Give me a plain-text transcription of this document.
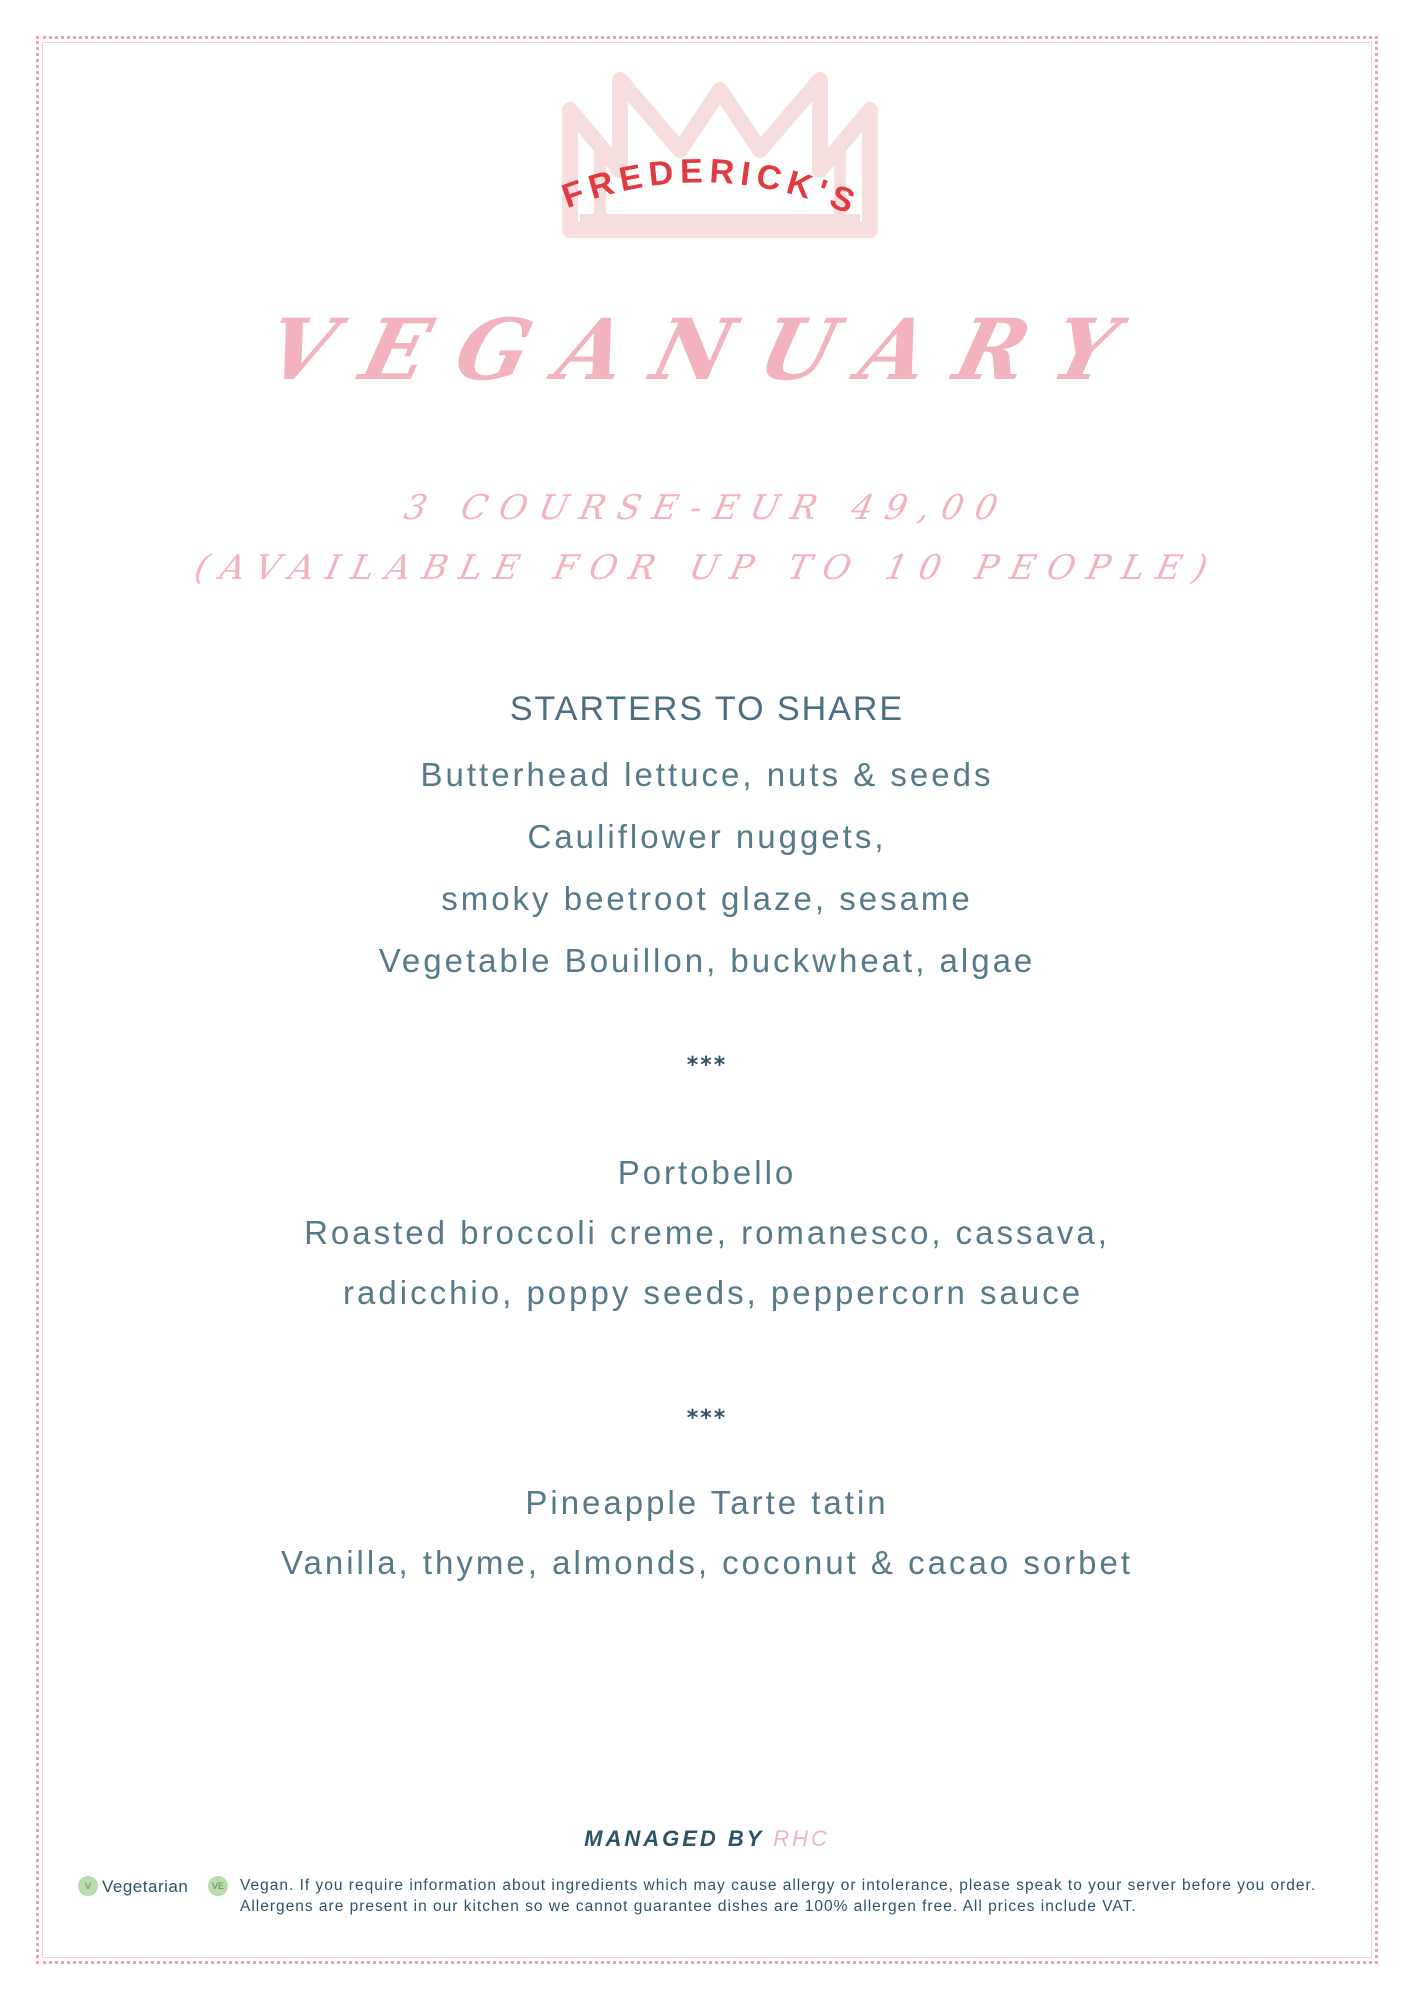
FREDERICK'S
VEGANUARY
3 COURSE-EUR 49,00
(AVAILABLE FOR UP TO 10 PEOPLE)
STARTERS TO SHARE
Butterhead lettuce, nuts & seeds
Cauliflower nuggets,
smoky beetroot glaze, sesame
Vegetable Bouillon, buckwheat, algae
***
Portobello
Roasted broccoli creme, romanesco, cassava,
radicchio, poppy seeds, peppercorn sauce
***
Pineapple Tarte tatin
Vanilla, thyme, almonds, coconut & cacao sorbet
MANAGED BY RHC
V Vegetarian	VE Vegan. If you require information about ingredients which may cause allergy or intolerance, please speak to your server before you order. Allergens are present in our kitchen so we cannot guarantee dishes are 100% allergen free. All prices include VAT.
